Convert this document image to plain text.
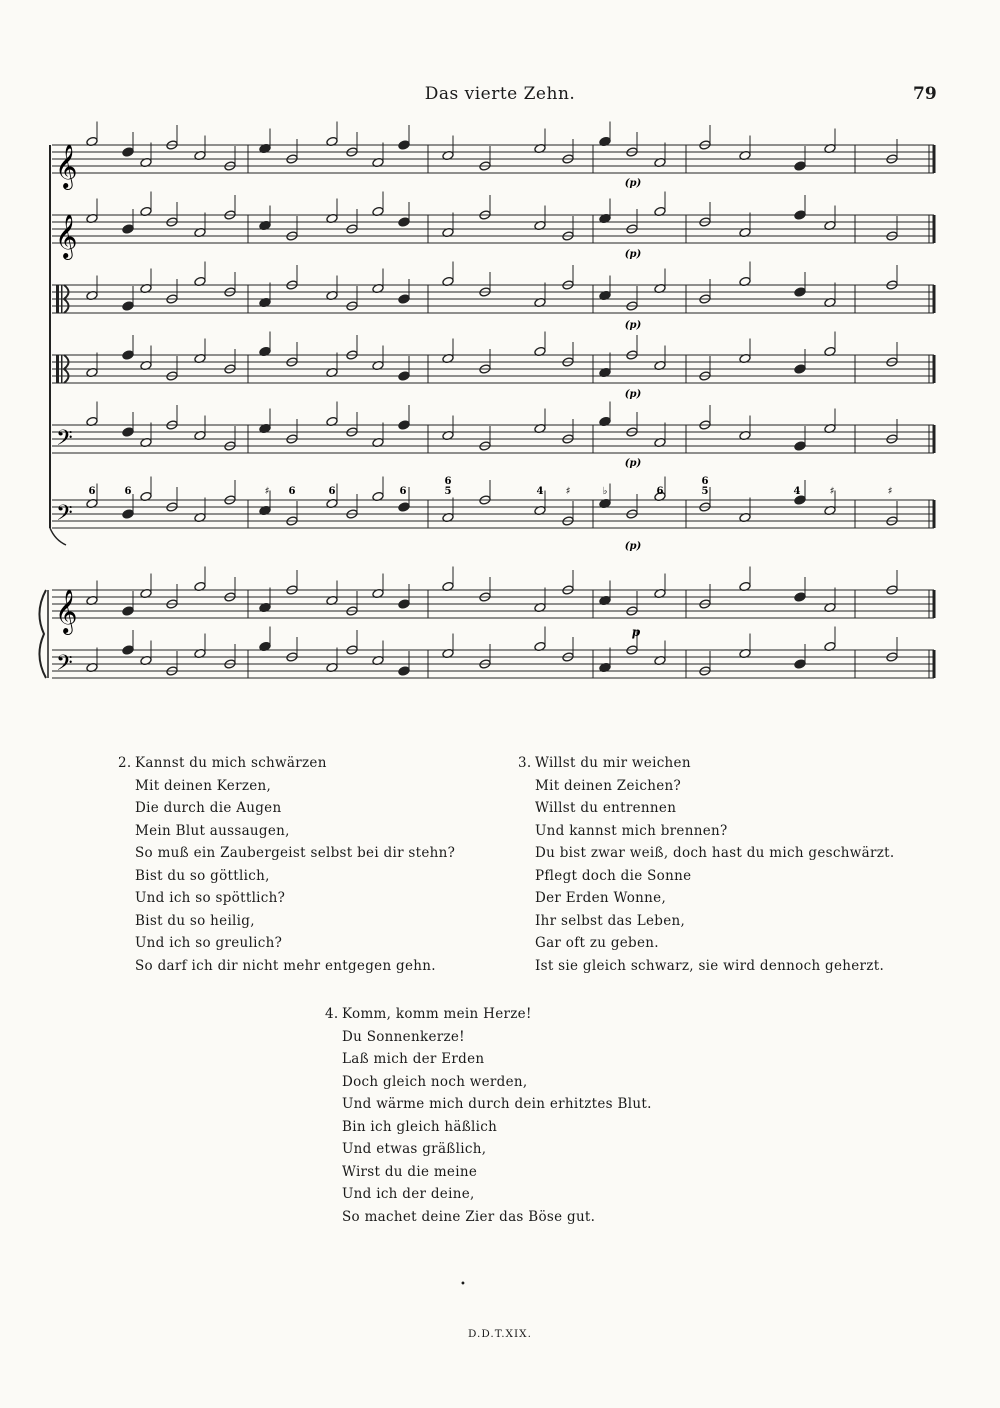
Das vierte Zehn.	79
𝄞
𝄞
𝄢
𝄢
𝄞
𝄢
6	6	♯ 6	6	6
6
5	4 ♯	♭	6
6
5	4	♯	♯
(p)
(p)
(p)
(p)
(p)
(p)
p
2. Kannst du mich schwärzen
Mit deinen Kerzen,
Die durch die Augen
Mein Blut aussaugen,
So muß ein Zaubergeist selbst bei dir stehn?
Bist du so göttlich,
Und ich so spöttlich?
Bist du so heilig,
Und ich so greulich?
So darf ich dir nicht mehr entgegen gehn.
3. Willst du mir weichen
Mit deinen Zeichen?
Willst du entrennen
Und kannst mich brennen?
Du bist zwar weiß, doch hast du mich geschwärzt.
Pflegt doch die Sonne
Der Erden Wonne,
Ihr selbst das Leben,
Gar oft zu geben.
Ist sie gleich schwarz, sie wird dennoch geherzt.
4. Komm, komm mein Herze!
Du Sonnenkerze!
Laß mich der Erden
Doch gleich noch werden,
Und wärme mich durch dein erhitztes Blut.
Bin ich gleich häßlich
Und etwas gräßlich,
Wirst du die meine
Und ich der deine,
So machet deine Zier das Böse gut.
•
D.D.T.XIX.
